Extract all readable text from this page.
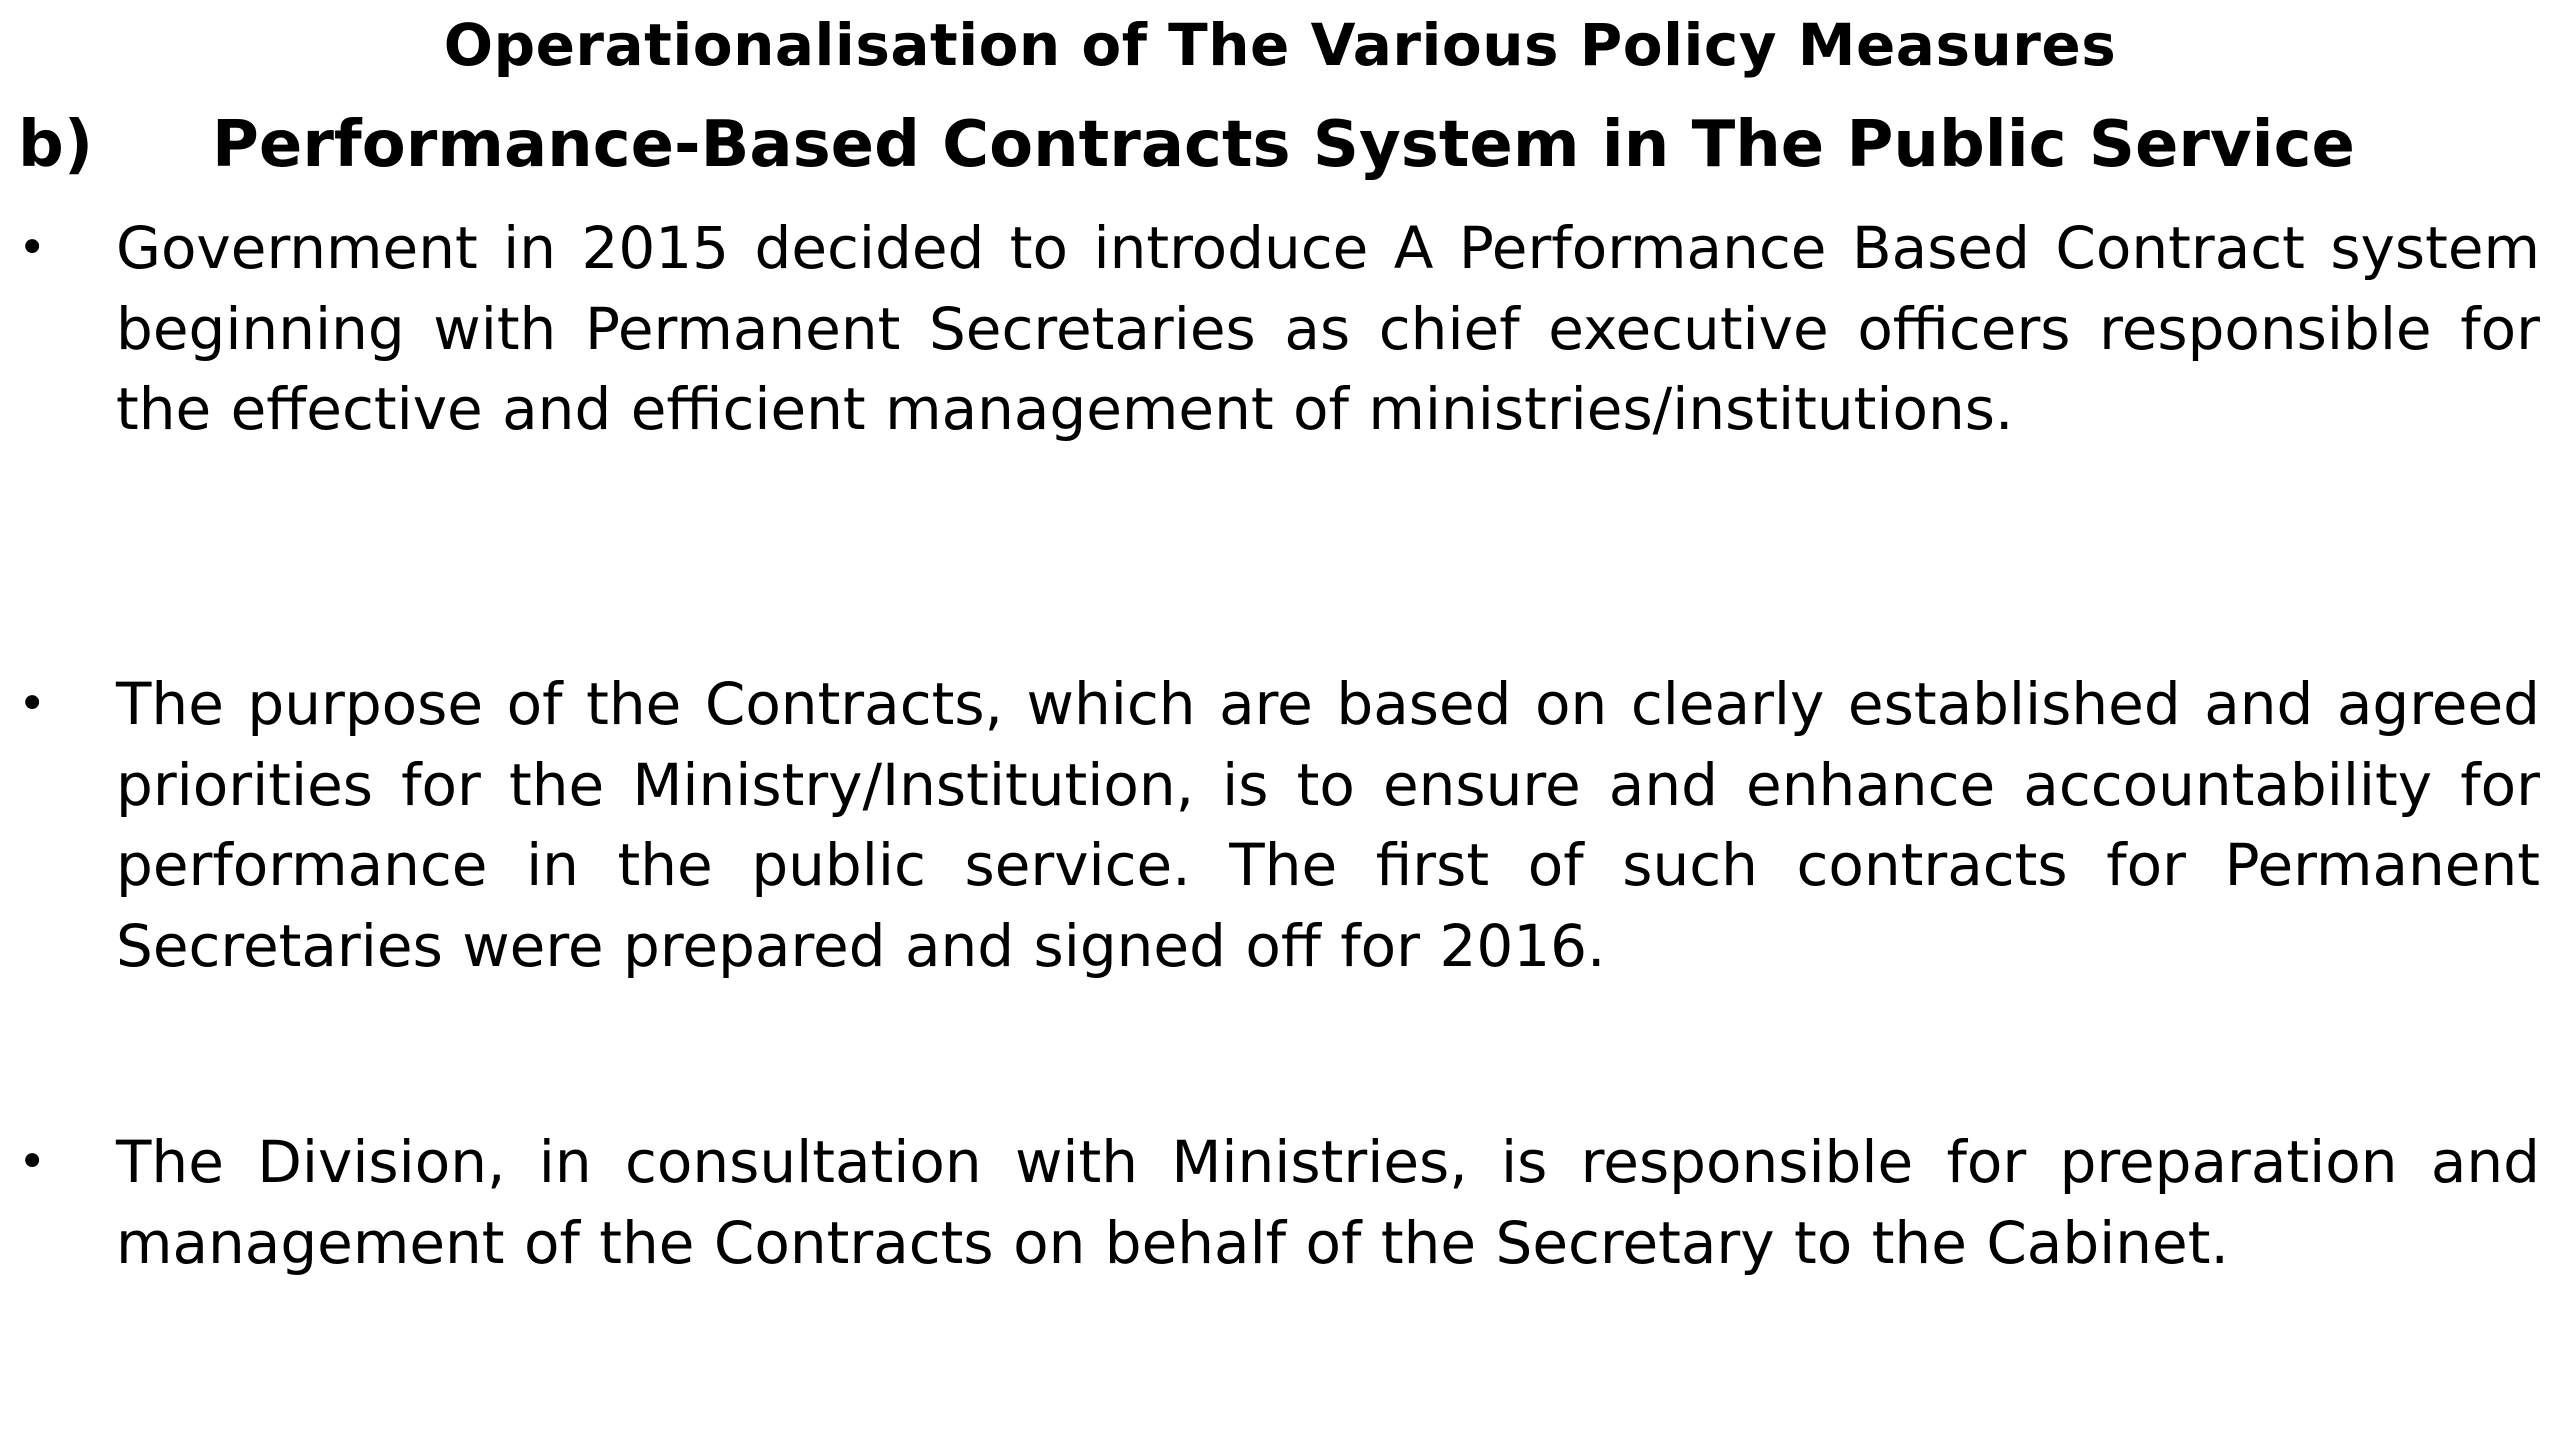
Operationalisation of The Various Policy Measures
b) Performance-Based Contracts System in The Public Service
• Government in 2015 decided to introduce A Performance Based Contract system beginning with Permanent Secretaries as chief executive officers responsible for the effective and efficient management of ministries/institutions.
• The purpose of the Contracts, which are based on clearly established and agreed priorities for the Ministry/Institution, is to ensure and enhance accountability for performance in the public service. The first of such contracts for Permanent Secretaries were prepared and signed off for 2016.
• The Division, in consultation with Ministries, is responsible for preparation and management of the Contracts on behalf of the Secretary to the Cabinet.
